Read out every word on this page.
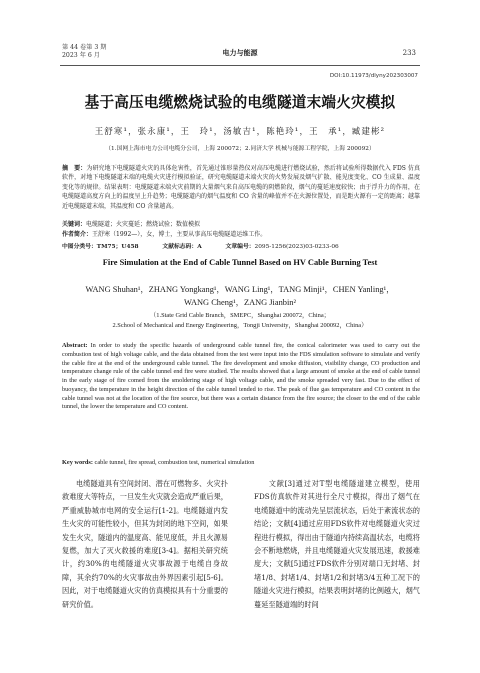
第 44 卷第 3 期
2023 年 6 月	电力与能源	233
DOI:10.11973/dlyny202303007
基于高压电缆燃烧试验的电缆隧道末端火灾模拟
王舒寒¹，张永康¹，王　玲¹，汤敏吉¹，陈艳玲¹，王　承¹，臧建彬²
（1.国网上海市电力公司电缆分公司，上海 200072；2.同济大学 机械与能源工程学院，上海 200092）
摘　要：为研究地下电缆隧道火灾的具体危害性，首先通过锥形量热仪对高压电缆进行燃烧试验，然后将试验所得数据代入 FDS 仿真软件，对地下电缆隧道末端的电缆火灾进行模拟验证，研究电缆隧道末端火灾的火势发展及烟气扩散、能见度变化、CO 生成量、温度变化等的规律。结果表明：电缆隧道末端火灾前期的大量烟气来自高压电缆的阴燃阶段，烟气的蔓延速度较快；由于浮升力的作用，在电缆隧道高度方向上的温度呈上升趋势；电缆隧道内的烟气温度和 CO 含量的峰值并不在火源位置处，而是距火源有一定的距离；越靠近电缆隧道末端，其温度和 CO 含量越高。
关键词：电缆隧道；火灾蔓延；燃烧试验；数值模拟
作者简介：王舒寒（1992—），女，博士，主要从事高压电缆隧道运维工作。
中图分类号：TM75；U458	文献标志码：A	文章编号：2095-1256(2023)03-0233-06
Fire Simulation at the End of Cable Tunnel Based on HV Cable Burning Test
WANG Shuhan¹，ZHANG Yongkang¹，WANG Ling¹，TANG Minji¹，CHEN Yanling¹，
WANG Cheng¹，ZANG Jianbin²
（1.State Grid Cable Branch，SMEPC，Shanghai 200072，China；
2.School of Mechanical and Energy Engineering，Tongji University，Shanghai 200092，China）
Abstract: In order to study the specific hazards of underground cable tunnel fire, the conical calorimeter was used to carry out the combustion test of high voltage cable, and the data obtained from the test were input into the FDS simulation software to simulate and verify the cable fire at the end of the underground cable tunnel. The fire development and smoke diffusion, visibility change, CO production and temperature change rule of the cable tunnel end fire were studied. The results showed that a large amount of smoke at the end of cable tunnel in the early stage of fire comed from the smoldering stage of high voltage cable, and the smoke spreaded very fast. Due to the effect of buoyancy, the temperature in the height direction of the cable tunnel tended to rise. The peak of flue gas temperature and CO content in the cable tunnel was not at the location of the fire source, but there was a certain distance from the fire source; the closer to the end of the cable tunnel, the lower the temperature and CO content.
Key words: cable tunnel, fire spread, combustion test, numerical simulation
电缆隧道具有空间封闭、潜在可燃物多、火灾扑救难度大等特点，一旦发生火灾就会造成严重后果，严重威胁城市电网的安全运行[1-2]。电缆隧道内发生火灾的可能性较小，但其为封闭的地下空间，如果发生火灾，隧道内的温度高、能见度低，并且火源易复燃，加大了灭火救援的难度[3-4]。据相关研究统计，约30%的电缆隧道火灾事故源于电缆自身故障，其余约70%的火灾事故由外界因素引起[5-6]。因此，对于电缆隧道火灾的仿真模拟具有十分重要的研究价值。
文献[3]通过对T型电缆隧道建立模型，使用FDS仿真软件对其进行全尺寸模拟，得出了烟气在电缆隧道中的流动先呈层流状态，后处于紊流状态的结论；文献[4]通过应用FDS软件对电缆隧道火灾过程进行模拟，得出由于隧道内持续高温状态，电缆将会不断地燃烧，并且电缆隧道火灾发展迅速，救援难度大；文献[5]通过FDS软件分别对端口无封堵、封堵1/8、封堵1/4、封堵1/2和封堵3/4五种工况下的隧道火灾进行模拟，结果表明封堵的比例越大，烟气蔓延至隧道端的时间
